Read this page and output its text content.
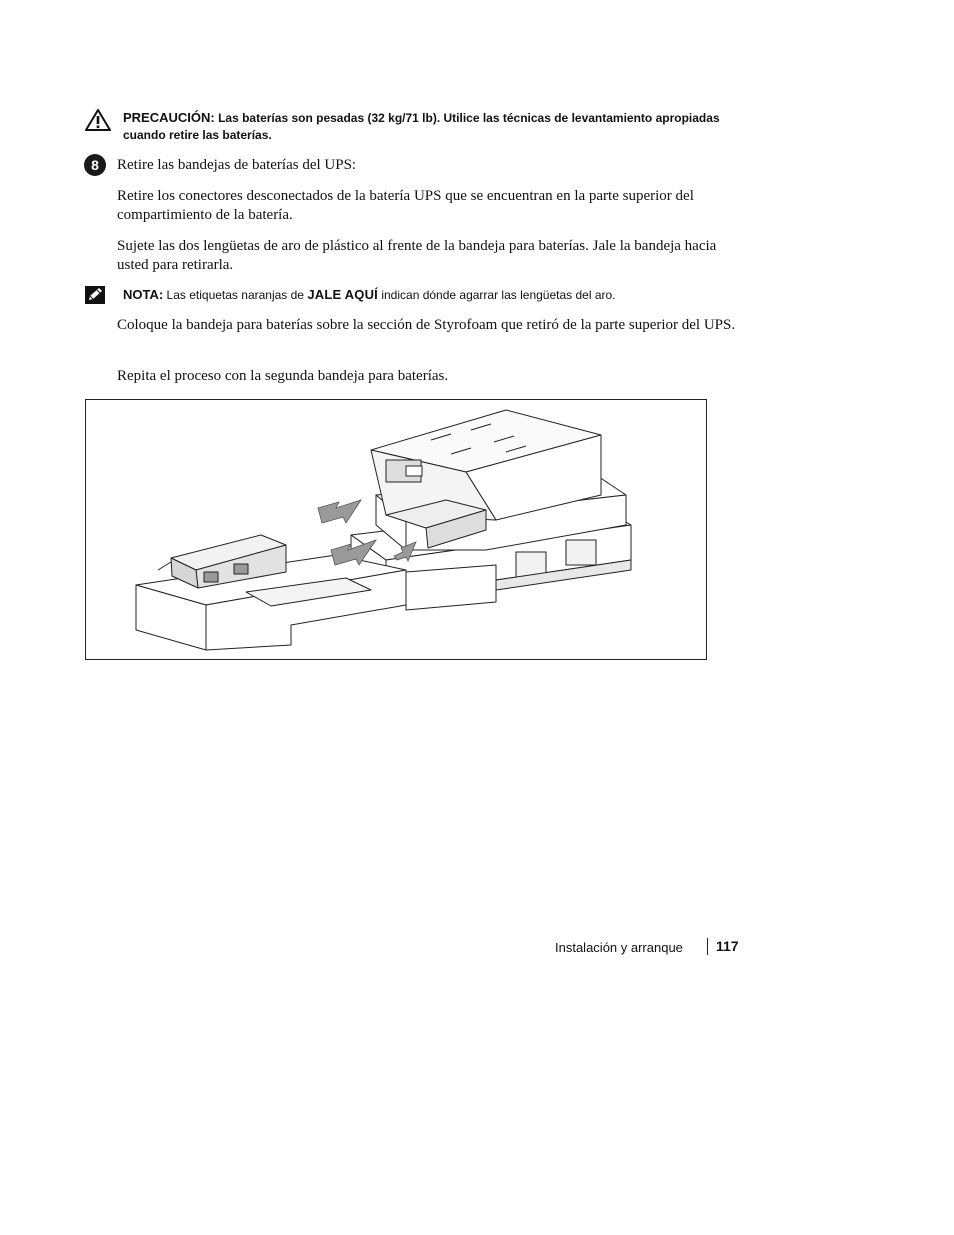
PRECAUCIÓN: Las baterías son pesadas (32 kg/71 lb). Utilice las técnicas de levantamiento apropiadas cuando retire las baterías.
8	Retire las bandejas de baterías del UPS:
Retire los conectores desconectados de la batería UPS que se encuentran en la parte superior del compartimiento de la batería.
Sujete las dos lengüetas de aro de plástico al frente de la bandeja para baterías. Jale la bandeja hacia usted para retirarla.
NOTA: Las etiquetas naranjas de JALE AQUÍ indican dónde agarrar las lengüetas del aro.
Coloque la bandeja para baterías sobre la sección de Styrofoam que retiró de la parte superior del UPS.
Repita el proceso con la segunda bandeja para baterías.
Instalación y arranque 117
